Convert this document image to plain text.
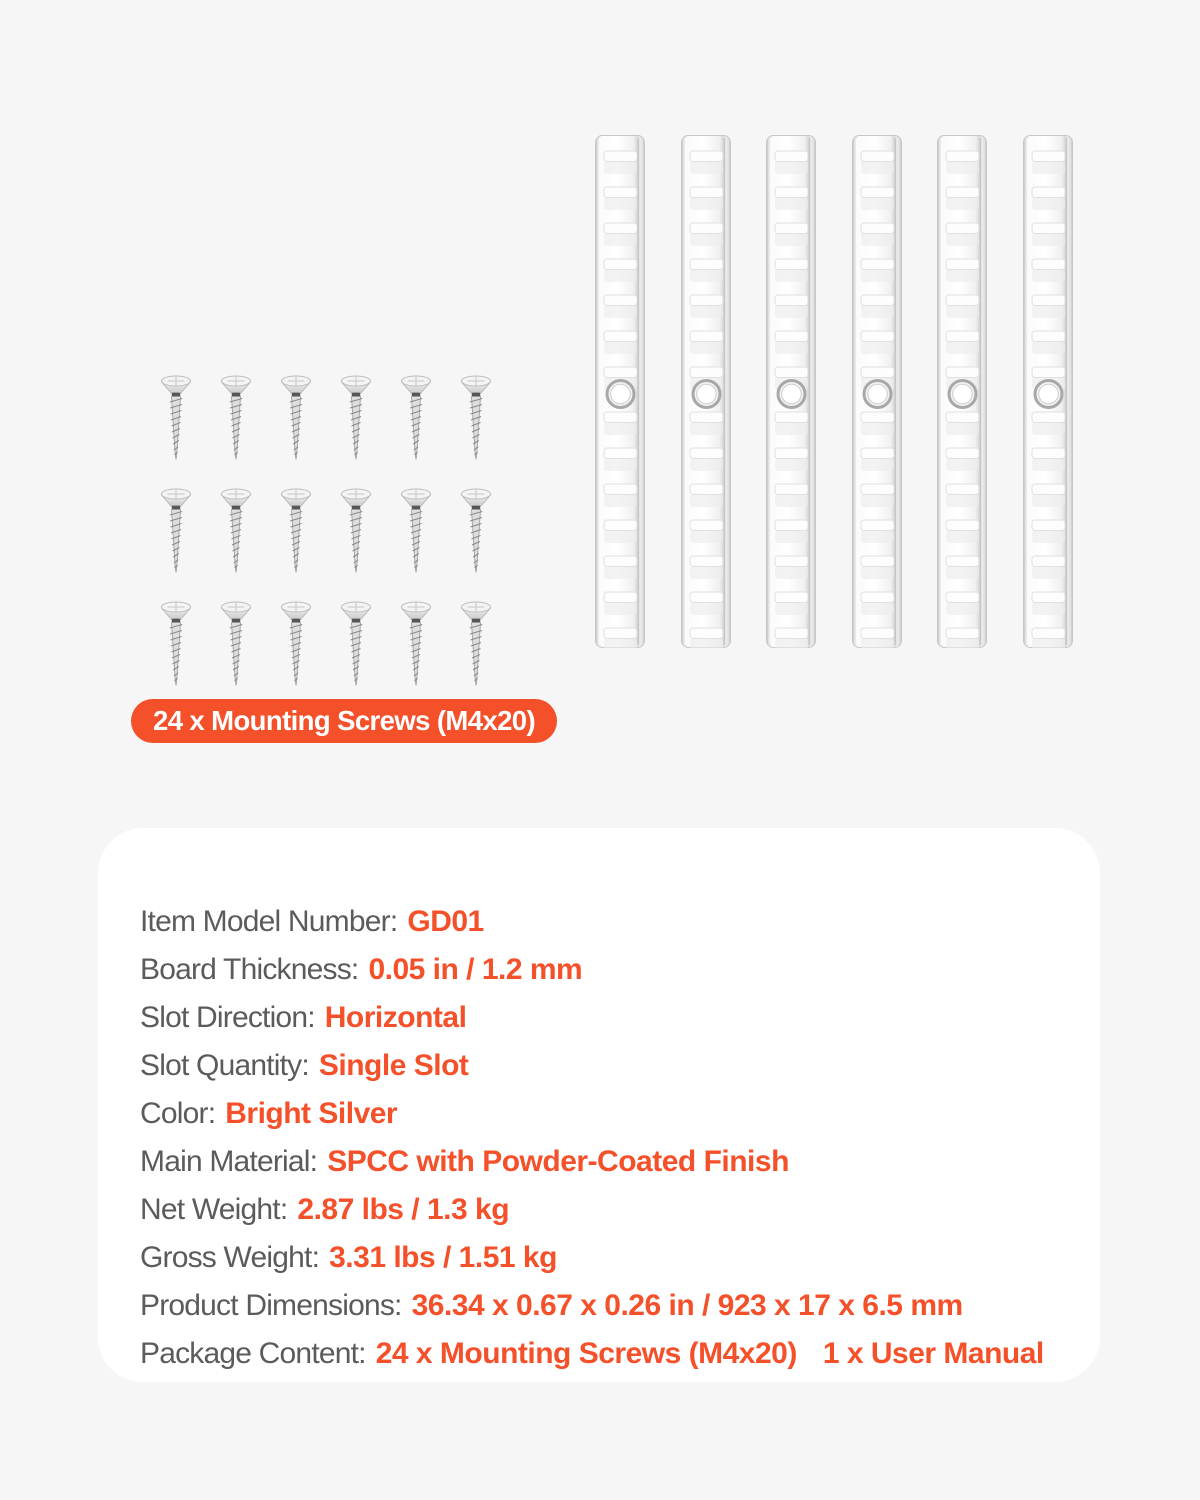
24 x Mounting Screws (M4x20)
Item Model Number: GD01
Board Thickness: 0.05 in / 1.2 mm
Slot Direction: Horizontal
Slot Quantity: Single Slot
Color: Bright Silver
Main Material: SPCC with Powder-Coated Finish
Net Weight: 2.87 lbs / 1.3 kg
Gross Weight: 3.31 lbs / 1.51 kg
Product Dimensions: 36.34 x 0.67 x 0.26 in / 923 x 17 x 6.5 mm
Package Content: 24 x Mounting Screws (M4x20) 1 x User Manual
